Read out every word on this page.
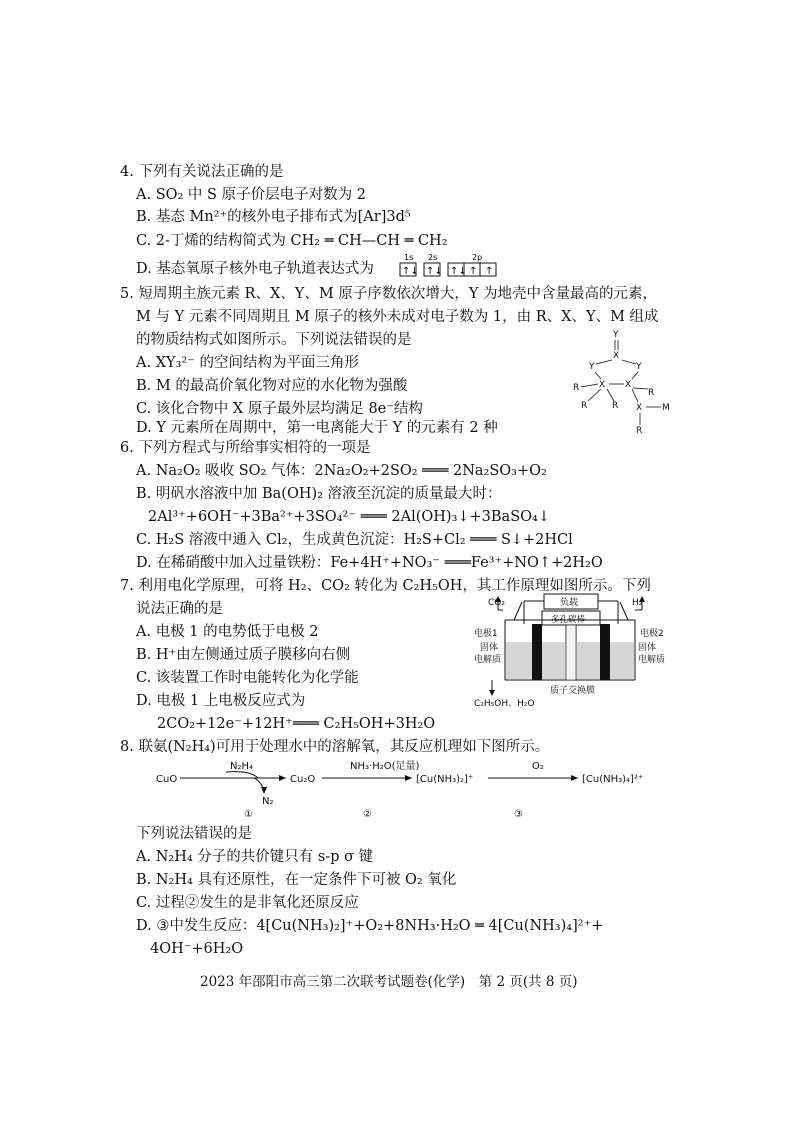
4. 下列有关说法正确的是
A. SO₂ 中 S 原子价层电子对数为 2
B. 基态 Mn²⁺的核外电子排布式为[Ar]3d⁵
C. 2-丁烯的结构简式为 CH₂ ═ CH—CH ═ CH₂
D. 基态氧原子核外电子轨道表达式为
1s 2s	2p
↑↓ ↑↓ ↑↓ ↑ ↑
5. 短周期主族元素 R、X、Y、M 原子序数依次增大，Y 为地壳中含量最高的元素，
M 与 Y 元素不同周期且 M 原子的核外未成对电子数为 1，由 R、X、Y、M 组成
的物质结构式如图所示。下列说法错误的是
A. XY₃²⁻ 的空间结构为平面三角形
B. M 的最高价氧化物对应的水化物为强酸
C. 该化合物中 X 原子最外层均满足 8e⁻结构
D. Y 元素所在周期中，第一电离能大于 Y 的元素有 2 种
Y
X
Y	Y
X X
R
R	R
R
X M
R
6. 下列方程式与所给事实相符的一项是
A. Na₂O₂ 吸收 SO₂ 气体：2Na₂O₂+2SO₂ ═══ 2Na₂SO₃+O₂
B. 明矾水溶液中加 Ba(OH)₂ 溶液至沉淀的质量最大时：
2Al³⁺+6OH⁻+3Ba²⁺+3SO₄²⁻ ═══ 2Al(OH)₃↓+3BaSO₄↓
C. H₂S 溶液中通入 Cl₂，生成黄色沉淀：H₂S+Cl₂ ═══ S↓+2HCl
D. 在稀硝酸中加入过量铁粉：Fe+4H⁺+NO₃⁻ ═══Fe³⁺+NO↑+2H₂O
7. 利用电化学原理，可将 H₂、CO₂ 转化为 C₂H₅OH，其工作原理如图所示。下列
说法正确的是
A. 电极 1 的电势低于电极 2
B. H⁺由左侧通过质子膜移向右侧
C. 该装置工作时电能转化为化学能
D. 电极 1 上电极反应式为
2CO₂+12e⁻+12H⁺═══ C₂H₅OH+3H₂O
负载
多孔碳棒
CO₂	H₂
电极1	电极2
固体
电解质
固体
电解质
质子交换膜
C₂H₅OH、H₂O
8. 联氨(N₂H₄)可用于处理水中的溶解氧，其反应机理如下图所示。
CuO
N₂H₄
N₂
Cu₂O
NH₃·H₂O(足量)
[Cu(NH₃)₂]⁺
O₂
[Cu(NH₃)₄]²⁺
①	②	③
下列说法错误的是
A. N₂H₄ 分子的共价键只有 s-p σ 键
B. N₂H₄ 具有还原性，在一定条件下可被 O₂ 氧化
C. 过程②发生的是非氧化还原反应
D. ③中发生反应：4[Cu(NH₃)₂]⁺+O₂+8NH₃·H₂O ═ 4[Cu(NH₃)₄]²⁺+
4OH⁻+6H₂O
2023 年邵阳市高三第二次联考试题卷(化学)　第 2 页(共 8 页)
